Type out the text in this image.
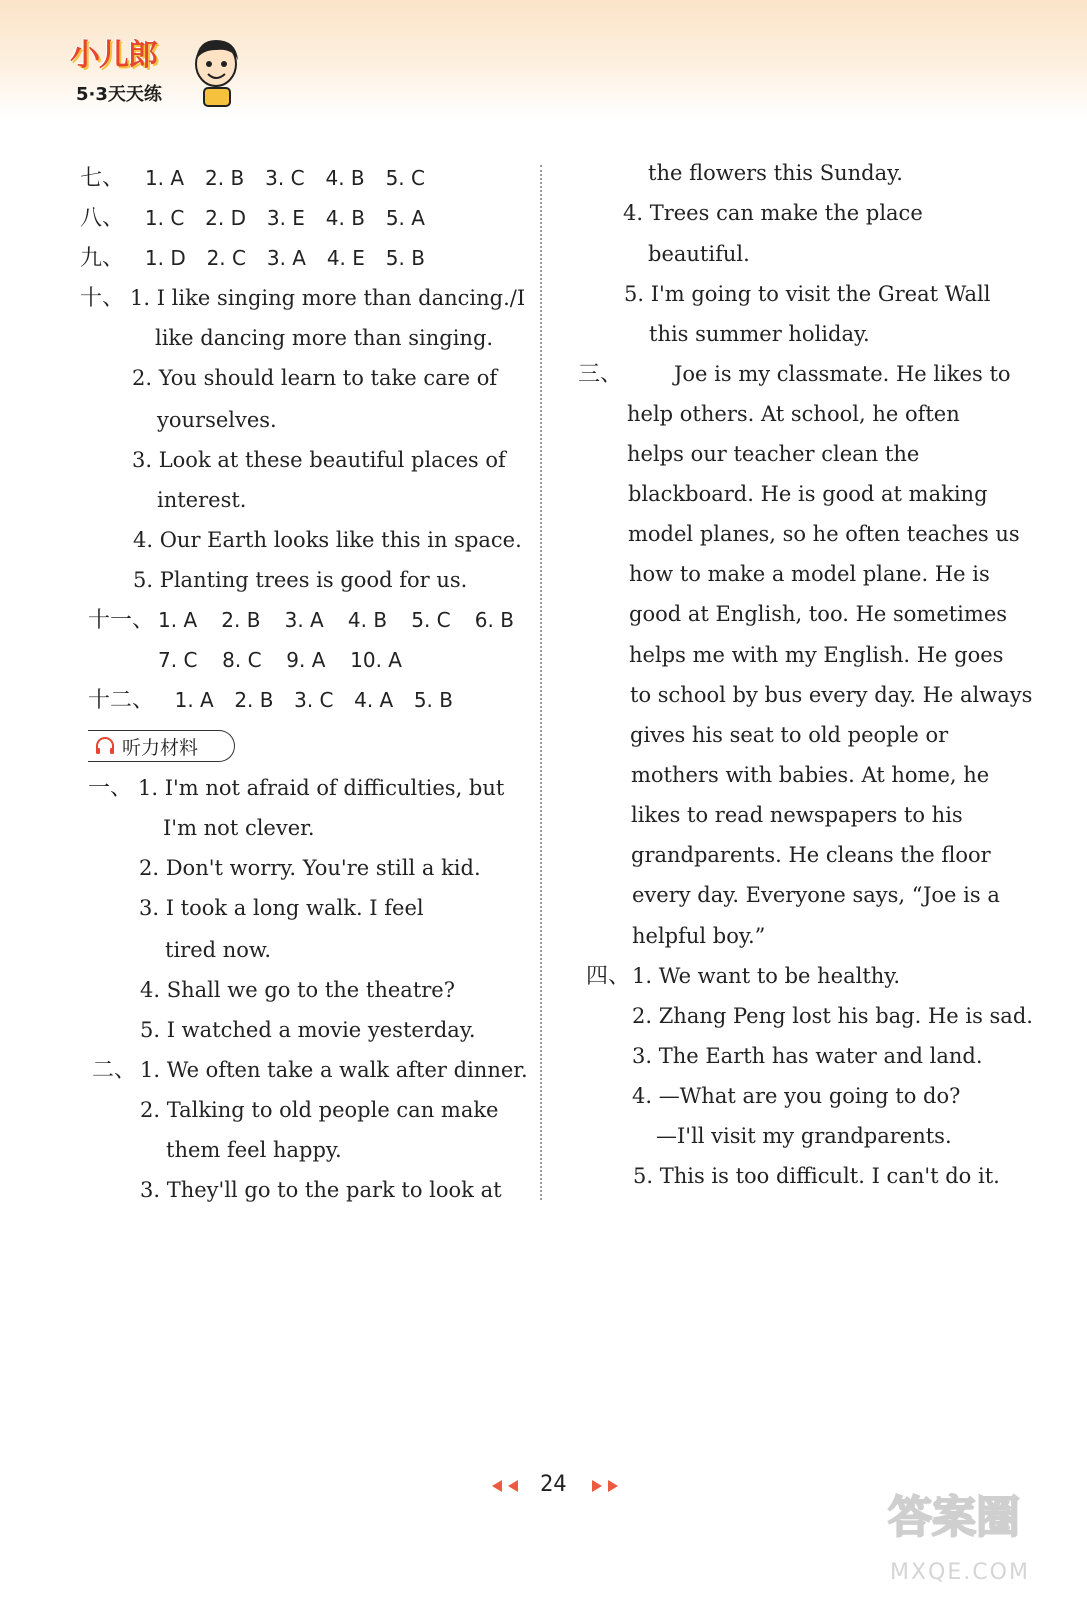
小儿郎
5·3天天练
七、 1. A 2. B 3. C 4. B 5. C
八、 1. C 2. D 3. E 4. B 5. A
九、 1. D 2. C 3. A 4. E 5. B
十、 1. I like singing more than dancing./I
like dancing more than singing.
2. You should learn to take care of
yourselves.
3. Look at these beautiful places of
interest.
4. Our Earth looks like this in space.
5. Planting trees is good for us.
十一、 1. A 2. B 3. A 4. B 5. C 6. B
7. C 8. C 9. A 10. A
十二、 1. A 2. B 3. C 4. A 5. B
听力材料
一、 1. I'm not afraid of difficulties, but
I'm not clever.
2. Don't worry. You're still a kid.
3. I took a long walk. I feel
tired now.
4. Shall we go to the theatre?
5. I watched a movie yesterday.
二、 1. We often take a walk after dinner.
2. Talking to old people can make
them feel happy.
3. They'll go to the park to look at
the flowers this Sunday.
4. Trees can make the place
beautiful.
5. I'm going to visit the Great Wall
this summer holiday.
三、 Joe is my classmate. He likes to
help others. At school, he often
helps our teacher clean the
blackboard. He is good at making
model planes, so he often teaches us
how to make a model plane. He is
good at English, too. He sometimes
helps me with my English. He goes
to school by bus every day. He always
gives his seat to old people or
mothers with babies. At home, he
likes to read newspapers to his
grandparents. He cleans the floor
every day. Everyone says, “Joe is a
helpful boy.”
四、 1. We want to be healthy.
2. Zhang Peng lost his bag. He is sad.
3. The Earth has water and land.
4. —What are you going to do?
—I'll visit my grandparents.
5. This is too difficult. I can't do it.
24
答案圈
MXQE.COM
